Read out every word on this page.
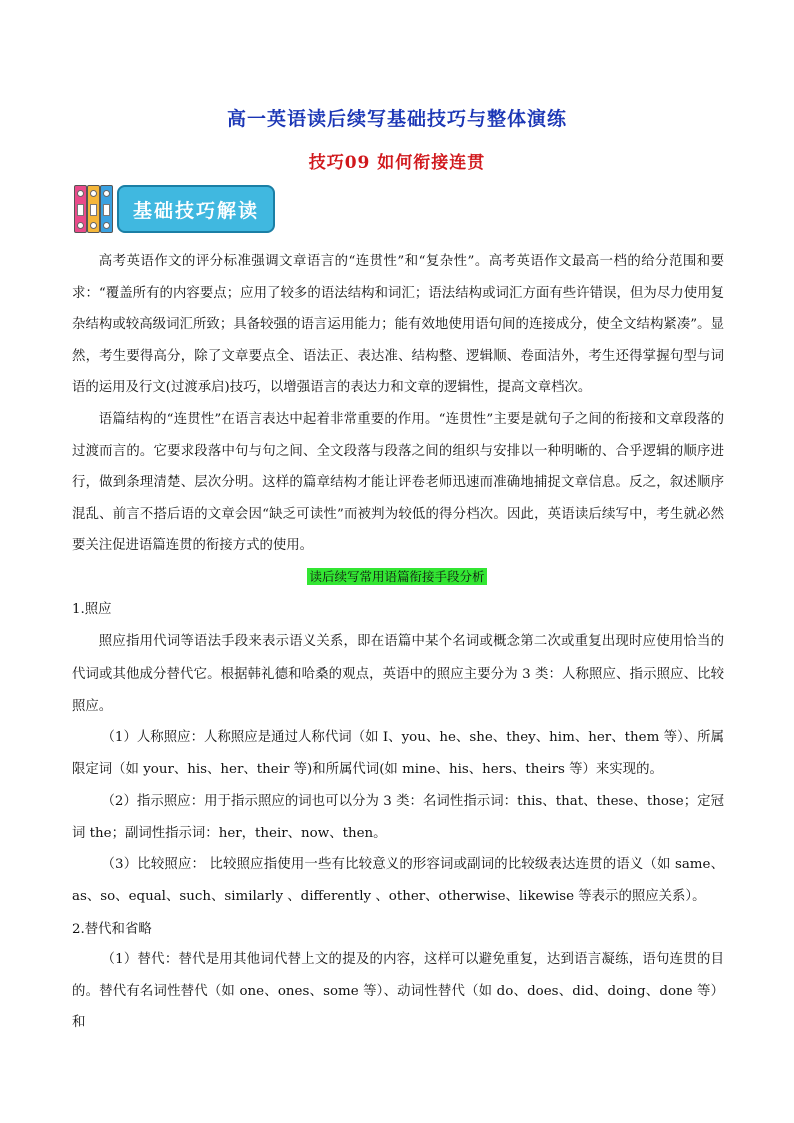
高一英语读后续写基础技巧与整体演练
技巧09 如何衔接连贯
基础技巧解读

高考英语作文的评分标准强调文章语言的“连贯性”和“复杂性”。高考英语作文最高一档的给分范围和要求：“覆盖所有的内容要点；应用了较多的语法结构和词汇；语法结构或词汇方面有些许错误，但为尽力使用复杂结构或较高级词汇所致；具备较强的语言运用能力；能有效地使用语句间的连接成分，使全文结构紧凑”。显然，考生要得高分，除了文章要点全、语法正、表达准、结构整、逻辑顺、卷面洁外，考生还得掌握句型与词语的运用及行文(过渡承启)技巧，以增强语言的表达力和文章的逻辑性，提高文章档次。

语篇结构的“连贯性”在语言表达中起着非常重要的作用。“连贯性”主要是就句子之间的衔接和文章段落的过渡而言的。它要求段落中句与句之间、全文段落与段落之间的组织与安排以一种明晰的、合乎逻辑的顺序进行，做到条理清楚、层次分明。这样的篇章结构才能让评卷老师迅速而准确地捕捉文章信息。反之，叙述顺序混乱、前言不搭后语的文章会因“缺乏可读性”而被判为较低的得分档次。因此，英语读后续写中，考生就必然要关注促进语篇连贯的衔接方式的使用。

读后续写常用语篇衔接手段分析

1.照应

照应指用代词等语法手段来表示语义关系，即在语篇中某个名词或概念第二次或重复出现时应使用恰当的代词或其他成分替代它。根据韩礼德和哈桑的观点，英语中的照应主要分为 3 类：人称照应、指示照应、比较照应。

（1）人称照应：人称照应是通过人称代词（如 I、you、he、she、they、him、her、them 等）、所属限定词（如 your、his、her、their 等)和所属代词(如 mine、his、hers、theirs 等）来实现的。

（2）指示照应：用于指示照应的词也可以分为 3 类：名词性指示词：this、that、these、those；定冠词 the；副词性指示词：her，their、now、then。

（3）比较照应： 比较照应指使用一些有比较意义的形容词或副词的比较级表达连贯的语义（如 same、as、so、equal、such、similarly 、differently 、other、otherwise、likewise 等表示的照应关系）。

2.替代和省略

（1）替代：替代是用其他词代替上文的提及的内容，这样可以避免重复，达到语言凝练，语句连贯的目的。替代有名词性替代（如 one、ones、some 等）、动词性替代（如 do、does、did、doing、done 等）和
